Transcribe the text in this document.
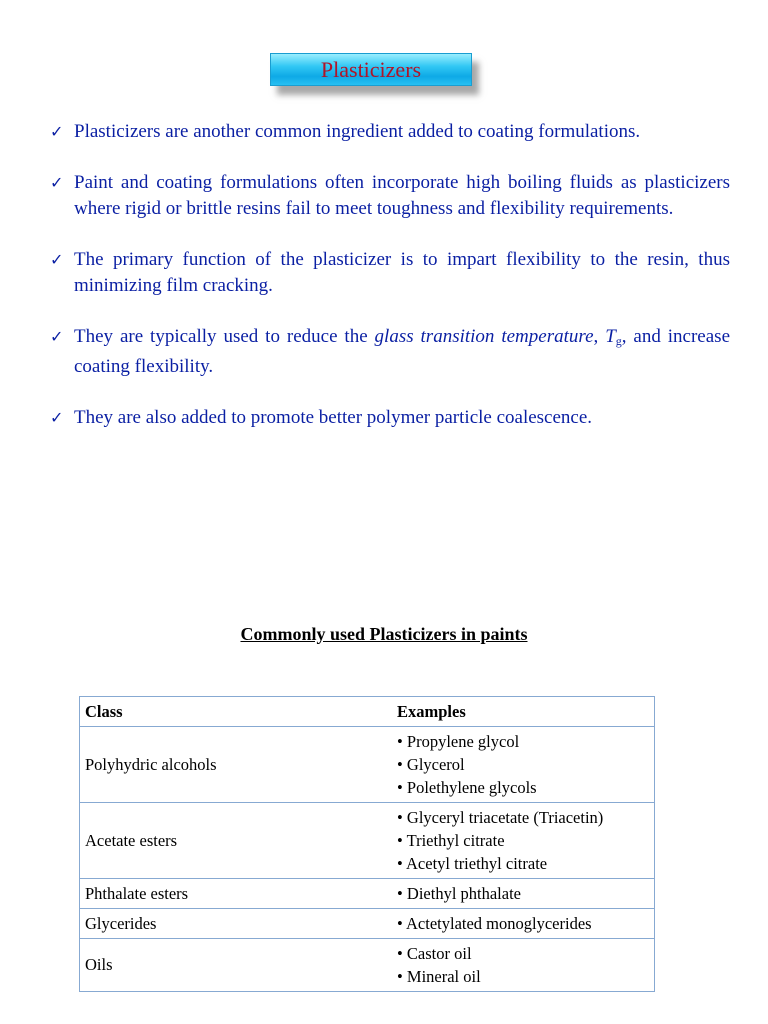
Plasticizers
✓ Plasticizers are another common ingredient added to coating formulations.
✓ Paint and coating formulations often incorporate high boiling fluids as plasticizers where rigid or brittle resins fail to meet toughness and flexibility requirements.
✓ The primary function of the plasticizer is to impart flexibility to the resin, thus minimizing film cracking.
✓ They are typically used to reduce the glass transition temperature, $T_g$, and increase coating flexibility.
✓ They are also added to promote better polymer particle coalescence.
Commonly used Plasticizers in paints
Class	Examples
Polyhydric alcohols	• Propylene glycol
• Glycerol
• Polethylene glycols

Acetate esters	• Glyceryl triacetate (Triacetin)
• Triethyl citrate
• Acetyl triethyl citrate

Phthalate esters	• Diethyl phthalate

Glycerides	• Actetylated monoglycerides

Oils	• Castor oil
• Mineral oil
